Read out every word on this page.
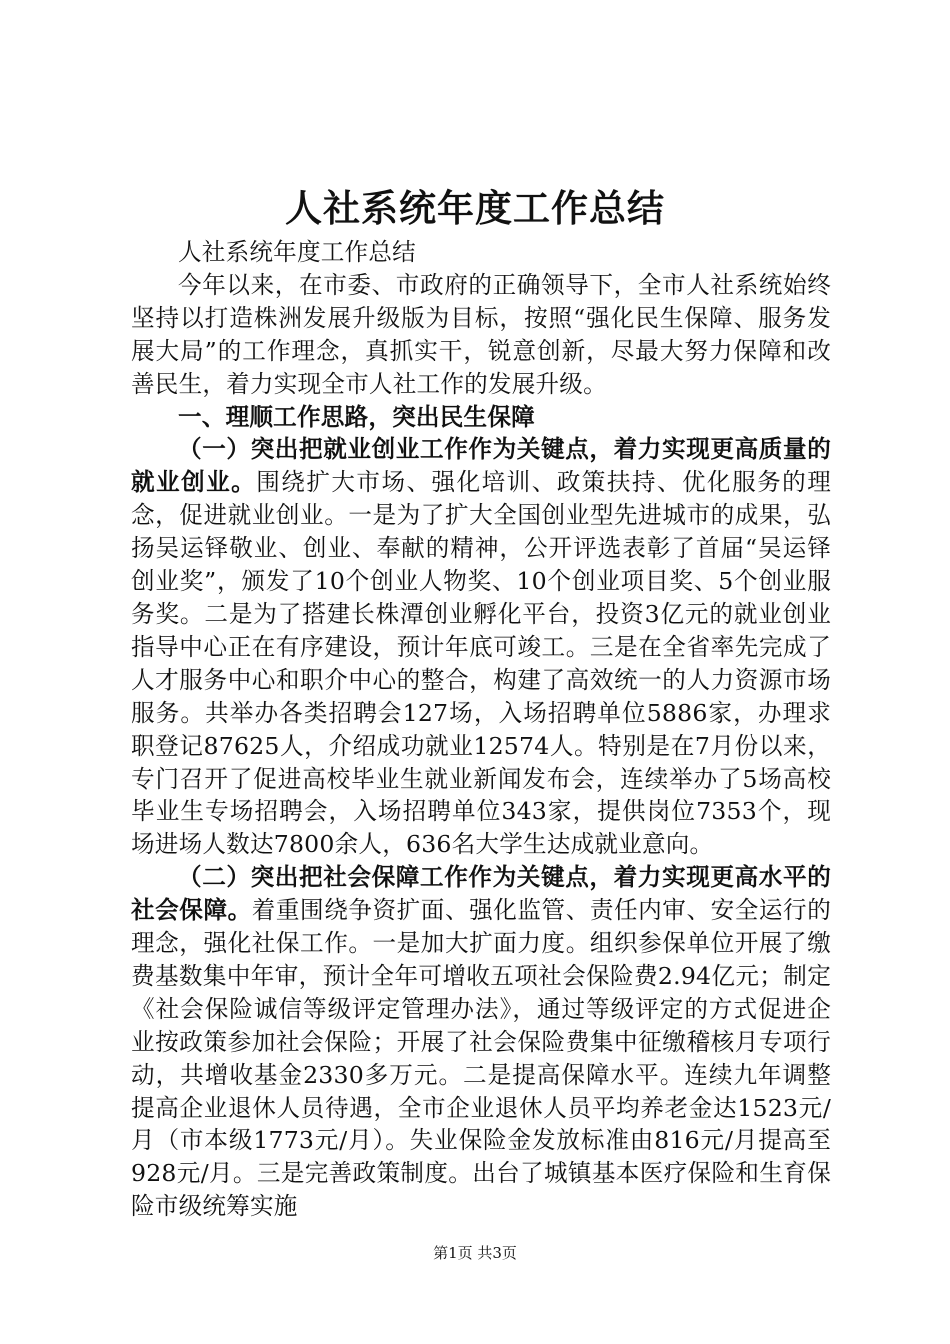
人社系统年度工作总结

人社系统年度工作总结

今年以来，在市委、市政府的正确领导下，全市人社系统始终坚持以打造株洲发展升级版为目标，按照“强化民生保障、服务发展大局”的工作理念，真抓实干，锐意创新，尽最大努力保障和改善民生，着力实现全市人社工作的发展升级。

一、理顺工作思路，突出民生保障

（一）突出把就业创业工作作为关键点，着力实现更高质量的就业创业。围绕扩大市场、强化培训、政策扶持、优化服务的理念，促进就业创业。一是为了扩大全国创业型先进城市的成果，弘扬吴运铎敬业、创业、奉献的精神，公开评选表彰了首届“吴运铎创业奖”，颁发了10个创业人物奖、10个创业项目奖、5个创业服务奖。二是为了搭建长株潭创业孵化平台，投资3亿元的就业创业指导中心正在有序建设，预计年底可竣工。三是在全省率先完成了人才服务中心和职介中心的整合，构建了高效统一的人力资源市场服务。共举办各类招聘会127场，入场招聘单位5886家，办理求职登记87625人，介绍成功就业12574人。特别是在7月份以来，专门召开了促进高校毕业生就业新闻发布会，连续举办了5场高校毕业生专场招聘会，入场招聘单位343家，提供岗位7353个，现场进场人数达7800余人，636名大学生达成就业意向。

（二）突出把社会保障工作作为关键点，着力实现更高水平的社会保障。着重围绕争资扩面、强化监管、责任内审、安全运行的理念，强化社保工作。一是加大扩面力度。组织参保单位开展了缴费基数集中年审，预计全年可增收五项社会保险费2.94亿元；制定《社会保险诚信等级评定管理办法》，通过等级评定的方式促进企业按政策参加社会保险；开展了社会保险费集中征缴稽核月专项行动，共增收基金2330多万元。二是提高保障水平。连续九年调整提高企业退休人员待遇，全市企业退休人员平均养老金达1523元/月（市本级1773元/月）。失业保险金发放标准由816元/月提高至928元/月。三是完善政策制度。出台了城镇基本医疗保险和生育保险市级统筹实施

第1页 共3页
